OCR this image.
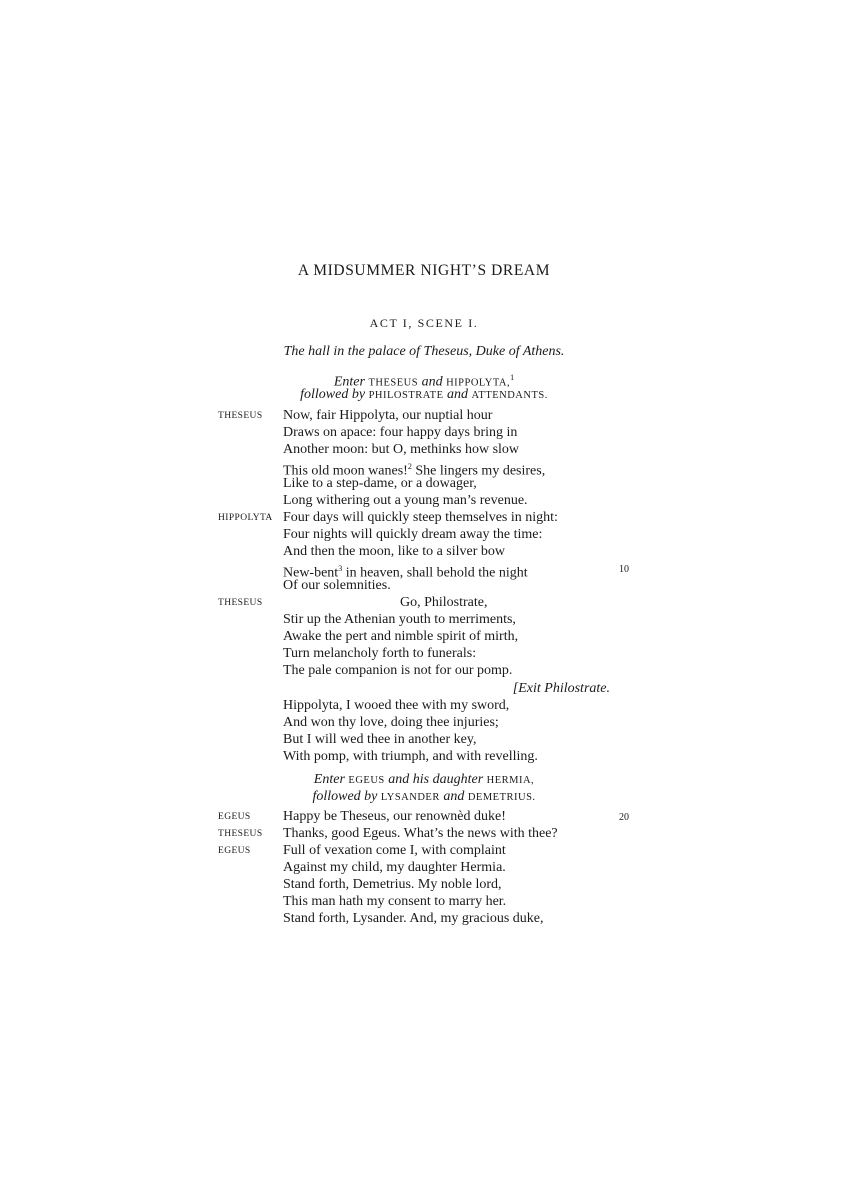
A MIDSUMMER NIGHT’S DREAM
ACT I, SCENE I.
The hall in the palace of Theseus, Duke of Athens.
Enter THESEUS and HIPPOLYTA,$^1$
followed by PHILOSTRATE and ATTENDANTS.
Enter EGEUS and his daughter HERMIA,
followed by LYSANDER and DEMETRIUS.
THESEUS Now, fair Hippolyta, our nuptial hour
Draws on apace: four happy days bring in
Another moon: but O, methinks how slow
This old moon wanes!$^2$ She lingers my desires,
Like to a step-dame, or a dowager,
Long withering out a young man’s revenue.
HIPPOLYTA Four days will quickly steep themselves in night:
Four nights will quickly dream away the time:
And then the moon, like to a silver bow
New-bent$^3$ in heaven, shall behold the night	10
Of our solemnities.
THESEUS	Go, Philostrate,
Stir up the Athenian youth to merriments,
Awake the pert and nimble spirit of mirth,
Turn melancholy forth to funerals:
The pale companion is not for our pomp.
[Exit Philostrate.
Hippolyta, I wooed thee with my sword,
And won thy love, doing thee injuries;
But I will wed thee in another key,
With pomp, with triumph, and with revelling.
EGEUS Happy be Theseus, our renownèd duke!	20
THESEUS Thanks, good Egeus. What’s the news with thee?
EGEUS Full of vexation come I, with complaint
Against my child, my daughter Hermia.
Stand forth, Demetrius. My noble lord,
This man hath my consent to marry her.
Stand forth, Lysander. And, my gracious duke,
